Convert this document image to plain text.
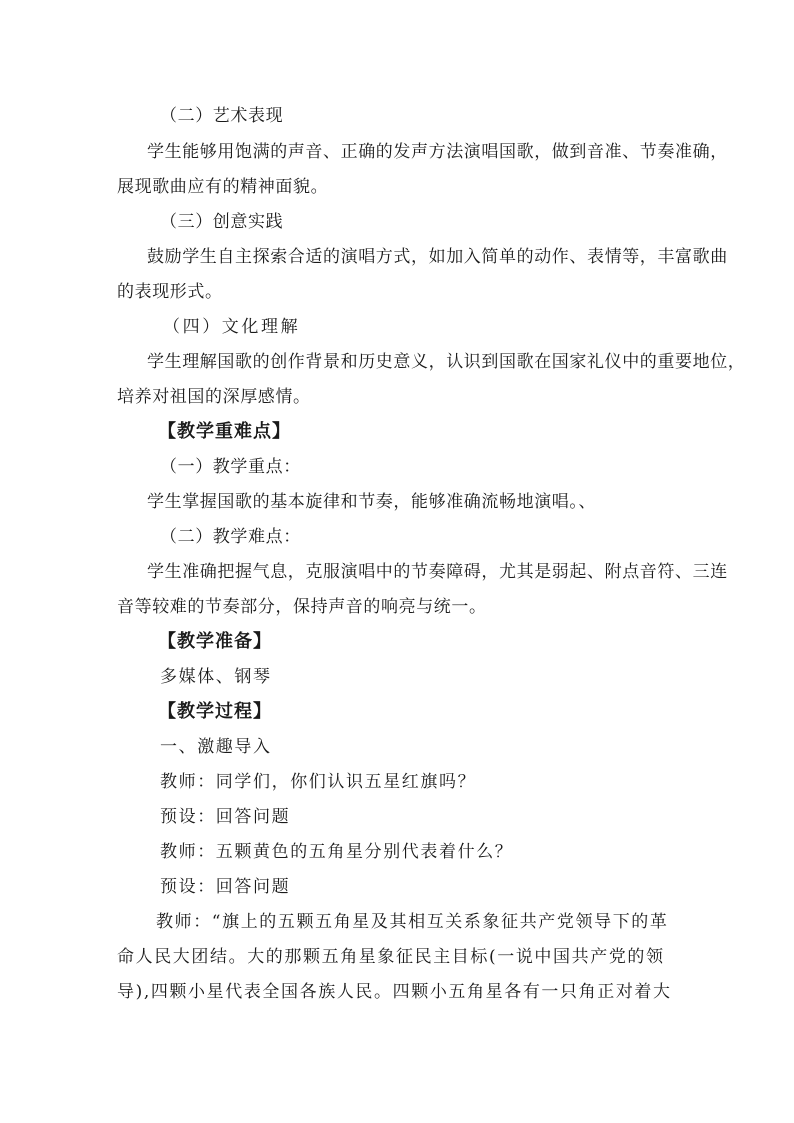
（二）艺术表现
学生能够用饱满的声音、正确的发声方法演唱国歌，做到音准、节奏准确，
展现歌曲应有的精神面貌。
（三）创意实践
鼓励学生自主探索合适的演唱方式，如加入简单的动作、表情等，丰富歌曲
的表现形式。
（四）文化理解
学生理解国歌的创作背景和历史意义，认识到国歌在国家礼仪中的重要地位，
培养对祖国的深厚感情。
【教学重难点】
（一）教学重点：
学生掌握国歌的基本旋律和节奏，能够准确流畅地演唱。、
（二）教学难点：
学生准确把握气息，克服演唱中的节奏障碍，尤其是弱起、附点音符、三连
音等较难的节奏部分，保持声音的响亮与统一。
【教学准备】
多媒体、钢琴
【教学过程】
一、激趣导入
教师：同学们，你们认识五星红旗吗？
预设：回答问题
教师：五颗黄色的五角星分别代表着什么？
预设：回答问题
教师：“旗上的五颗五角星及其相互关系象征共产党领导下的革
命人民大团结。大的那颗五角星象征民主目标(一说中国共产党的领
导),四颗小星代表全国各族人民。四颗小五角星各有一只角正对着大
